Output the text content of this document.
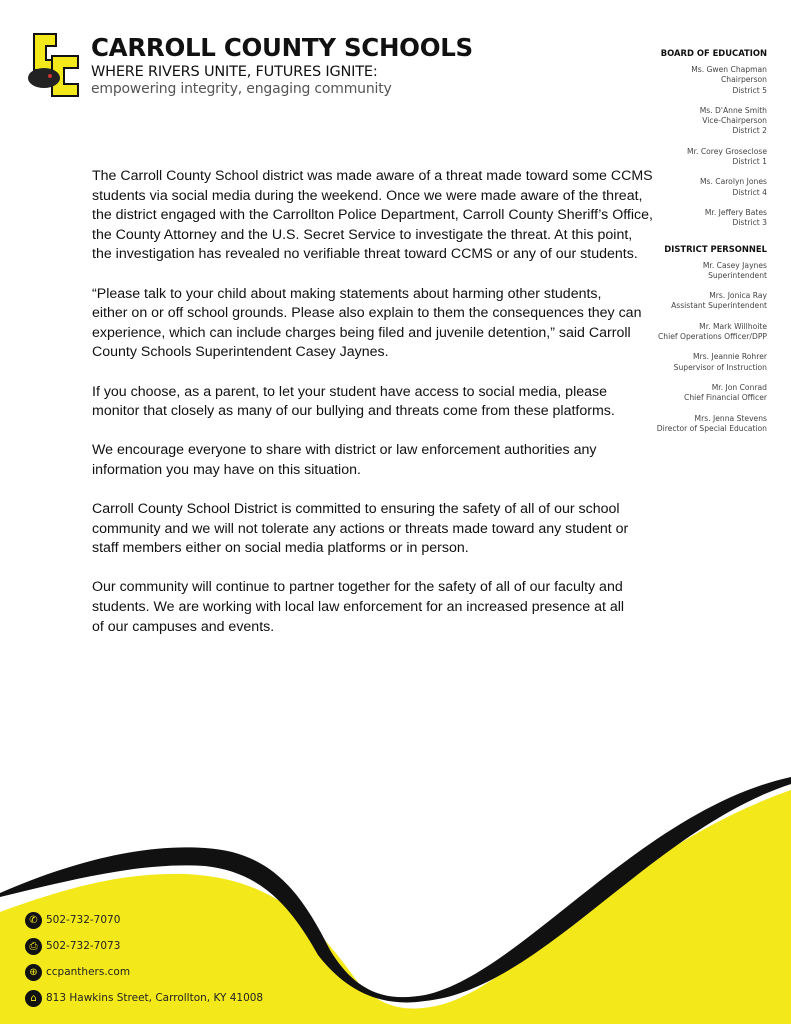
CARROLL COUNTY SCHOOLS
WHERE RIVERS UNITE, FUTURES IGNITE:
empowering integrity, engaging community
BOARD OF EDUCATION
Ms. Gwen Chapman
Chairperson
District 5
Ms. D'Anne Smith
Vice-Chairperson
District 2
Mr. Corey Groseclose
District 1
Ms. Carolyn Jones
District 4
Mr. Jeffery Bates
District 3
DISTRICT PERSONNEL
Mr. Casey Jaynes
Superintendent
Mrs. Jonica Ray
Assistant Superintendent
Mr. Mark Willhoite
Chief Operations Officer/DPP
Mrs. Jeannie Rohrer
Supervisor of Instruction
Mr. Jon Conrad
Chief Financial Officer
Mrs. Jenna Stevens
Director of Special Education

The Carroll County School district was made aware of a threat made toward some CCMS
students via social media during the weekend. Once we were made aware of the threat,
the district engaged with the Carrollton Police Department, Carroll County Sheriff’s Office,
the County Attorney and the U.S. Secret Service to investigate the threat. At this point,
the investigation has revealed no verifiable threat toward CCMS or any of our students.

“Please talk to your child about making statements about harming other students,
either on or off school grounds. Please also explain to them the consequences they can
experience, which can include charges being filed and juvenile detention,” said Carroll
County Schools Superintendent Casey Jaynes.

If you choose, as a parent, to let your student have access to social media, please
monitor that closely as many of our bullying and threats come from these platforms.

We encourage everyone to share with district or law enforcement authorities any
information you may have on this situation.

Carroll County School District is committed to ensuring the safety of all of our school
community and we will not tolerate any actions or threats made toward any student or
staff members either on social media platforms or in person.

Our community will continue to partner together for the safety of all of our faculty and
students. We are working with local law enforcement for an increased presence at all
of our campuses and events.

✆ 502-732-7070
⎙ 502-732-7073
⊕ ccpanthers.com
⌂ 813 Hawkins Street, Carrollton, KY 41008
